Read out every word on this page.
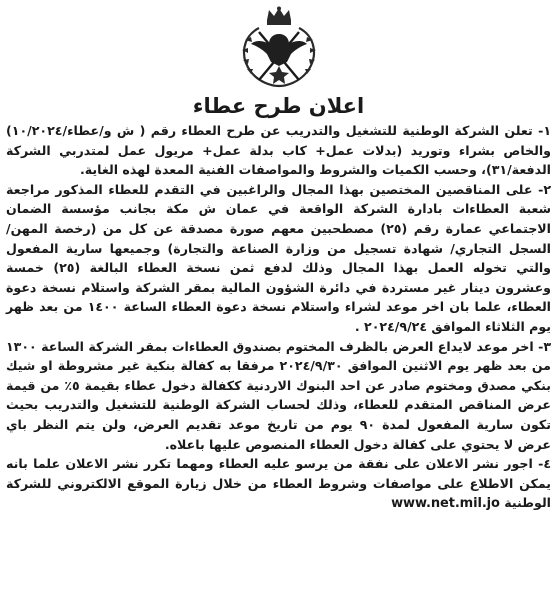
اعلان طرح عطاء

١- تعلن الشركة الوطنية للتشغيل والتدريب عن طرح العطاء رقم ( ش و/عطاء/١٠/٢٠٢٤) والخاص بشراء وتوريد (بدلات عمل+ كاب بدلة عمل+ مريول عمل لمتدربي الشركة الدفعة/٣١)، وحسب الكميات والشروط والمواصفات الفنية المعدة لهذه الغاية.

٢- على المناقصين المختصين بهذا المجال والراغبين في التقدم للعطاء المذكور مراجعة شعبة العطاءات بادارة الشركة الواقعة في عمان ش مكة بجانب مؤسسة الضمان الاجتماعي عمارة رقم (٢٥) مصطحبين معهم صورة مصدقة عن كل من (رخصة المهن/ السجل التجاري/ شهادة تسجيل من وزارة الصناعة والتجارة) وجميعها سارية المفعول والتي تخوله العمل بهذا المجال وذلك لدفع ثمن نسخة العطاء البالغة (٢٥) خمسة وعشرون دينار غير مستردة في دائرة الشؤون المالية بمقر الشركة واستلام نسخة دعوة العطاء، علما بان اخر موعد لشراء واستلام نسخة دعوة العطاء الساعة ١٤٠٠ من بعد ظهر يوم الثلاثاء الموافق ٢٠٢٤/٩/٢٤ .

٣- اخر موعد لايداع العرض بالظرف المختوم بصندوق العطاءات بمقر الشركة الساعة ١٣٠٠ من بعد ظهر يوم الاثنين الموافق ٢٠٢٤/٩/٣٠ مرفقا به كفالة بنكية غير مشروطة او شيك بنكي مصدق ومختوم صادر عن احد البنوك الاردنية ككفالة دخول عطاء بقيمة ٥٪ من قيمة عرض المناقص المتقدم للعطاء، وذلك لحساب الشركة الوطنية للتشغيل والتدريب بحيث تكون سارية المفعول لمدة ٩٠ يوم من تاريخ موعد تقديم العرض، ولن يتم النظر باي عرض لا يحتوي على كفالة دخول العطاء المنصوص عليها باعلاه.

٤- اجور نشر الاعلان على نفقة من يرسو عليه العطاء ومهما تكرر نشر الاعلان علما بانه يمكن الاطلاع على مواصفات وشروط العطاء من خلال زيارة الموقع الالكتروني للشركة الوطنية www.net.mil.jo
